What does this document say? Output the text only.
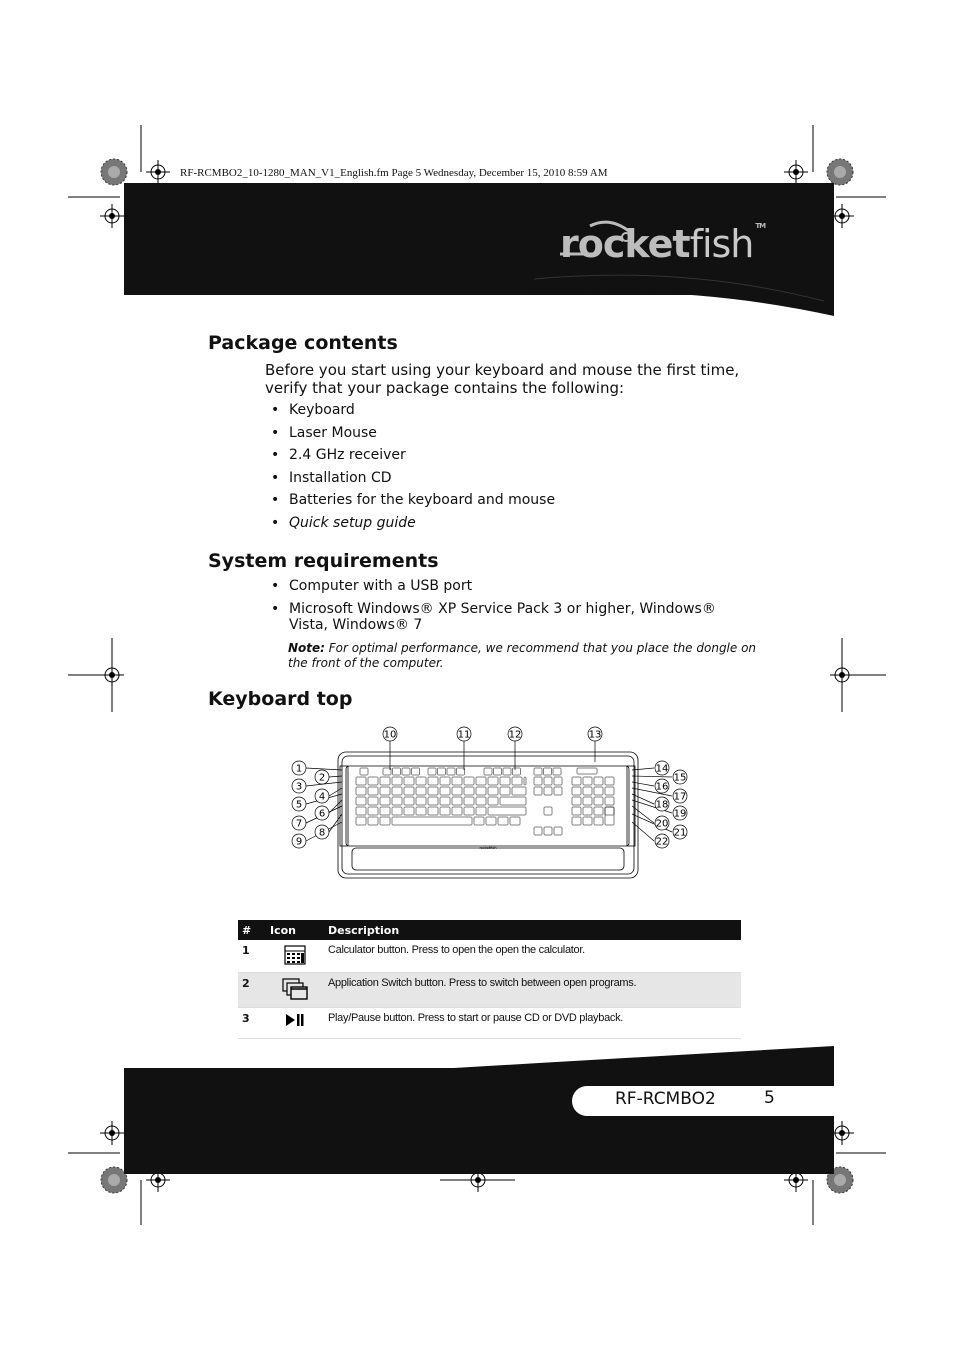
RF-RCMBO2_10-1280_MAN_V1_English.fm Page 5 Wednesday, December 15, 2010 8:59 AM
rocketfish ™
Package contents
Before you start using your keyboard and mouse the first time, verify that your package contains the following:
• Keyboard
• Laser Mouse
• 2.4 GHz receiver
• Installation CD
• Batteries for the keyboard and mouse
• Quick setup guide
System requirements
• Computer with a USB port
• Microsoft Windows® XP Service Pack 3 or higher, Windows® Vista, Windows® 7
Note: For optimal performance, we recommend that you place the dongle on the front of the computer.
Keyboard top
10	11	12	13
1
2
3
4
5
6
7
8
9
14
15
16
17
18
19
20
21
22
rocketfish
#	Icon	Description
1		Calculator button. Press to open the open the calculator.
2		Application Switch button. Press to switch between open programs.
3		Play/Pause button. Press to start or pause CD or DVD playback.
RF-RCMBO2	5
